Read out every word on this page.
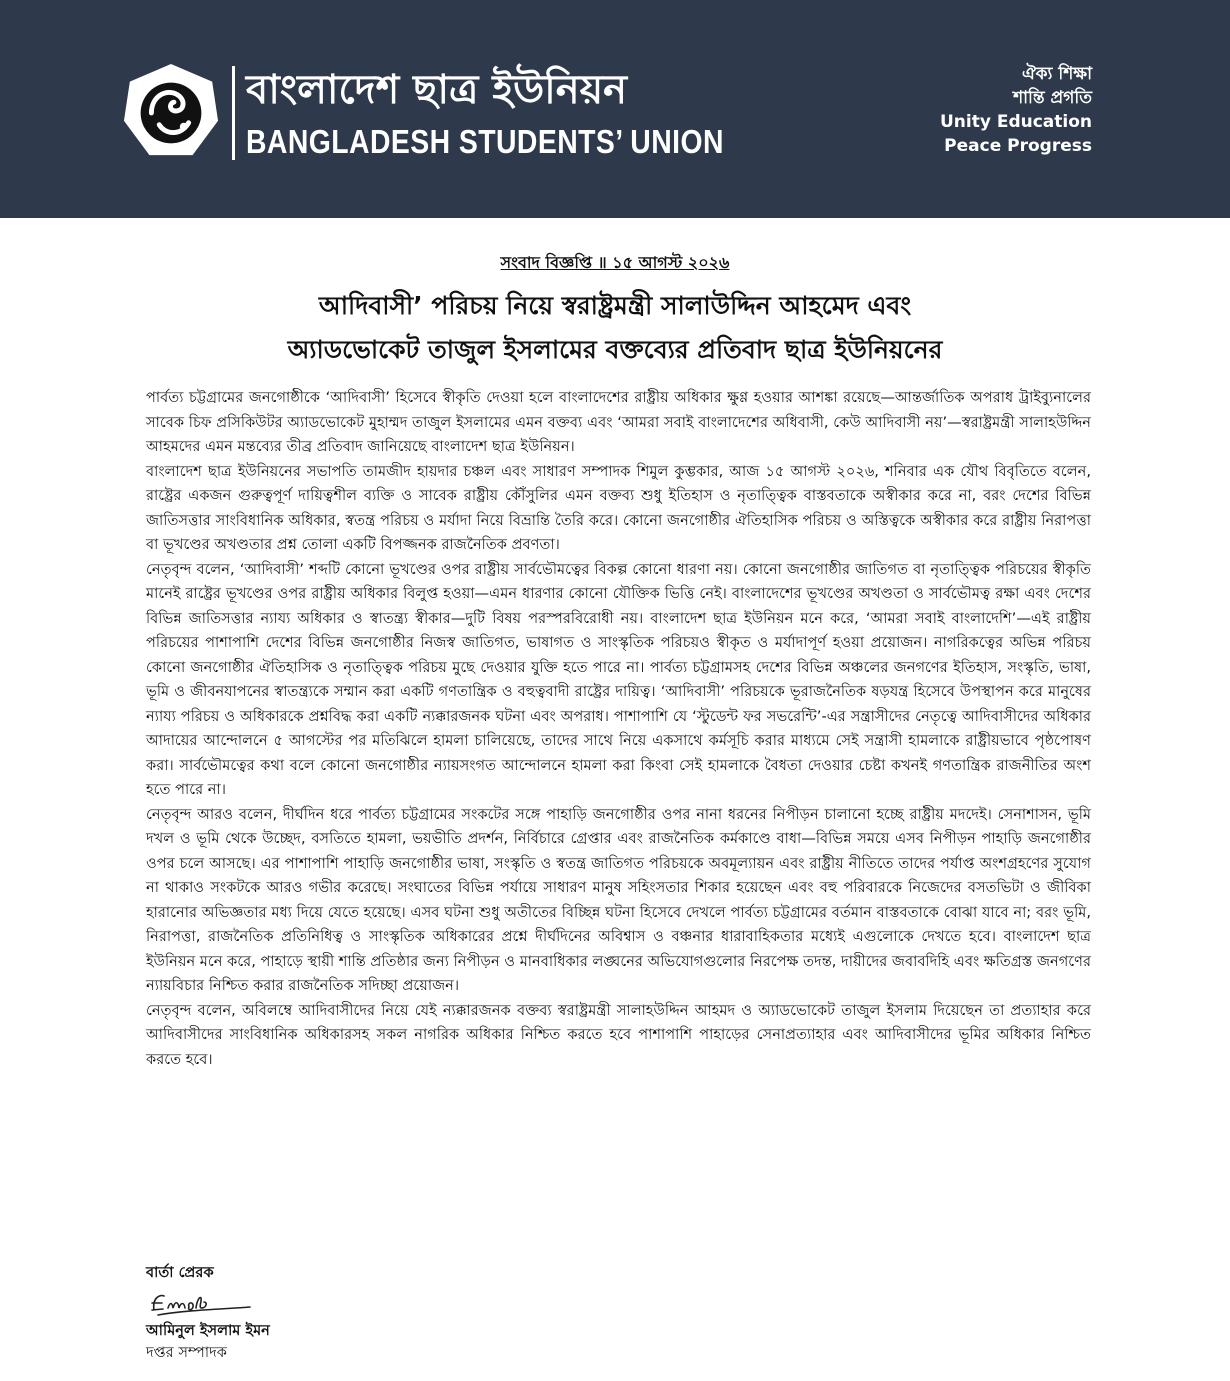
বাংলাদেশ ছাত্র ইউনিয়ন
BANGLADESH STUDENTS’ UNION
ঐক্য শিক্ষা
শান্তি প্রগতি
Unity Education
Peace Progress
সংবাদ বিজ্ঞপ্তি ॥ ১৫ আগস্ট ২০২৬
আদিবাসী’ পরিচয় নিয়ে স্বরাষ্ট্রমন্ত্রী সালাউদ্দিন আহমেদ এবং
অ্যাডভোকেট তাজুল ইসলামের বক্তব্যের প্রতিবাদ ছাত্র ইউনিয়নের

পার্বত্য চট্টগ্রামের জনগোষ্ঠীকে ‘আদিবাসী’ হিসেবে স্বীকৃতি দেওয়া হলে বাংলাদেশের রাষ্ট্রীয় অধিকার ক্ষুণ্ণ হওয়ার আশঙ্কা রয়েছে—আন্তর্জাতিক অপরাধ ট্রাইব্যুনালের সাবেক চিফ প্রসিকিউটর অ্যাডভোকেট মুহাম্মদ তাজুল ইসলামের এমন বক্তব্য এবং ‘আমরা সবাই বাংলাদেশের অধিবাসী, কেউ আদিবাসী নয়’—স্বরাষ্ট্রমন্ত্রী সালাহউদ্দিন আহমদের এমন মন্তব্যের তীব্র প্রতিবাদ জানিয়েছে বাংলাদেশ ছাত্র ইউনিয়ন।

বাংলাদেশ ছাত্র ইউনিয়নের সভাপতি তামজীদ হায়দার চঞ্চল এবং সাধারণ সম্পাদক শিমুল কুম্ভকার, আজ ১৫ আগস্ট ২০২৬, শনিবার এক যৌথ বিবৃতিতে বলেন, রাষ্ট্রের একজন গুরুত্বপূর্ণ দায়িত্বশীল ব্যক্তি ও সাবেক রাষ্ট্রীয় কৌঁসুলির এমন বক্তব্য শুধু ইতিহাস ও নৃতাত্ত্বিক বাস্তবতাকে অস্বীকার করে না, বরং দেশের বিভিন্ন জাতিসত্তার সাংবিধানিক অধিকার, স্বতন্ত্র পরিচয় ও মর্যাদা নিয়ে বিভ্রান্তি তৈরি করে। কোনো জনগোষ্ঠীর ঐতিহাসিক পরিচয় ও অস্তিত্বকে অস্বীকার করে রাষ্ট্রীয় নিরাপত্তা বা ভূখণ্ডের অখণ্ডতার প্রশ্ন তোলা একটি বিপজ্জনক রাজনৈতিক প্রবণতা।

নেতৃবৃন্দ বলেন, ‘আদিবাসী’ শব্দটি কোনো ভূখণ্ডের ওপর রাষ্ট্রীয় সার্বভৌমত্বের বিকল্প কোনো ধারণা নয়। কোনো জনগোষ্ঠীর জাতিগত বা নৃতাত্ত্বিক পরিচয়ের স্বীকৃতি মানেই রাষ্ট্রের ভূখণ্ডের ওপর রাষ্ট্রীয় অধিকার বিলুপ্ত হওয়া—এমন ধারণার কোনো যৌক্তিক ভিত্তি নেই। বাংলাদেশের ভূখণ্ডের অখণ্ডতা ও সার্বভৌমত্ব রক্ষা এবং দেশের বিভিন্ন জাতিসত্তার ন্যায্য অধিকার ও স্বাতন্ত্র্য স্বীকার—দুটি বিষয় পরস্পরবিরোধী নয়। বাংলাদেশ ছাত্র ইউনিয়ন মনে করে, ‘আমরা সবাই বাংলাদেশি’—এই রাষ্ট্রীয় পরিচয়ের পাশাপাশি দেশের বিভিন্ন জনগোষ্ঠীর নিজস্ব জাতিগত, ভাষাগত ও সাংস্কৃতিক পরিচয়ও স্বীকৃত ও মর্যাদাপূর্ণ হওয়া প্রয়োজন। নাগরিকত্বের অভিন্ন পরিচয় কোনো জনগোষ্ঠীর ঐতিহাসিক ও নৃতাত্ত্বিক পরিচয় মুছে দেওয়ার যুক্তি হতে পারে না। পার্বত্য চট্টগ্রামসহ দেশের বিভিন্ন অঞ্চলের জনগণের ইতিহাস, সংস্কৃতি, ভাষা, ভূমি ও জীবনযাপনের স্বাতন্ত্র্যকে সম্মান করা একটি গণতান্ত্রিক ও বহুত্ববাদী রাষ্ট্রের দায়িত্ব। ‘আদিবাসী’ পরিচয়কে ভূরাজনৈতিক ষড়যন্ত্র হিসেবে উপস্থাপন করে মানুষের ন্যায্য পরিচয় ও অধিকারকে প্রশ্নবিদ্ধ করা একটি ন্যক্কারজনক ঘটনা এবং অপরাধ। পাশাপাশি যে ‘স্টুডেন্ট ফর সভরেন্টি’-এর সন্ত্রাসীদের নেতৃত্বে আদিবাসীদের অধিকার আদায়ের আন্দোলনে ৫ আগস্টের পর মতিঝিলে হামলা চালিয়েছে, তাদের সাথে নিয়ে একসাথে কর্মসূচি করার মাধ্যমে সেই সন্ত্রাসী হামলাকে রাষ্ট্রীয়ভাবে পৃষ্ঠপোষণ করা। সার্বভৌমত্বের কথা বলে কোনো জনগোষ্ঠীর ন্যায়সংগত আন্দোলনে হামলা করা কিংবা সেই হামলাকে বৈধতা দেওয়ার চেষ্টা কখনই গণতান্ত্রিক রাজনীতির অংশ হতে পারে না।

নেতৃবৃন্দ আরও বলেন, দীর্ঘদিন ধরে পার্বত্য চট্টগ্রামের সংকটের সঙ্গে পাহাড়ি জনগোষ্ঠীর ওপর নানা ধরনের নিপীড়ন চালানো হচ্ছে রাষ্ট্রীয় মদদেই। সেনাশাসন, ভূমি দখল ও ভূমি থেকে উচ্ছেদ, বসতিতে হামলা, ভয়ভীতি প্রদর্শন, নির্বিচারে গ্রেপ্তার এবং রাজনৈতিক কর্মকাণ্ডে বাধা—বিভিন্ন সময়ে এসব নিপীড়ন পাহাড়ি জনগোষ্ঠীর ওপর চলে আসছে। এর পাশাপাশি পাহাড়ি জনগোষ্ঠীর ভাষা, সংস্কৃতি ও স্বতন্ত্র জাতিগত পরিচয়কে অবমূল্যায়ন এবং রাষ্ট্রীয় নীতিতে তাদের পর্যাপ্ত অংশগ্রহণের সুযোগ না থাকাও সংকটকে আরও গভীর করেছে। সংঘাতের বিভিন্ন পর্যায়ে সাধারণ মানুষ সহিংসতার শিকার হয়েছেন এবং বহু পরিবারকে নিজেদের বসতভিটা ও জীবিকা হারানোর অভিজ্ঞতার মধ্য দিয়ে যেতে হয়েছে। এসব ঘটনা শুধু অতীতের বিচ্ছিন্ন ঘটনা হিসেবে দেখলে পার্বত্য চট্টগ্রামের বর্তমান বাস্তবতাকে বোঝা যাবে না; বরং ভূমি, নিরাপত্তা, রাজনৈতিক প্রতিনিধিত্ব ও সাংস্কৃতিক অধিকারের প্রশ্নে দীর্ঘদিনের অবিশ্বাস ও বঞ্চনার ধারাবাহিকতার মধ্যেই এগুলোকে দেখতে হবে। বাংলাদেশ ছাত্র ইউনিয়ন মনে করে, পাহাড়ে স্থায়ী শান্তি প্রতিষ্ঠার জন্য নিপীড়ন ও মানবাধিকার লঙ্ঘনের অভিযোগগুলোর নিরপেক্ষ তদন্ত, দায়ীদের জবাবদিহি এবং ক্ষতিগ্রস্ত জনগণের ন্যায়বিচার নিশ্চিত করার রাজনৈতিক সদিচ্ছা প্রয়োজন।

নেতৃবৃন্দ বলেন, অবিলম্বে আদিবাসীদের নিয়ে যেই ন্যক্কারজনক বক্তব্য স্বরাষ্ট্রমন্ত্রী সালাহউদ্দিন আহমদ ও অ্যাডভোকেট তাজুল ইসলাম দিয়েছেন তা প্রত্যাহার করে আদিবাসীদের সাংবিধানিক অধিকারসহ সকল নাগরিক অধিকার নিশ্চিত করতে হবে পাশাপাশি পাহাড়ের সেনাপ্রত্যাহার এবং আদিবাসীদের ভূমির অধিকার নিশ্চিত করতে হবে।

বার্তা প্রেরক
আমিনুল ইসলাম ইমন
দপ্তর সম্পাদক
